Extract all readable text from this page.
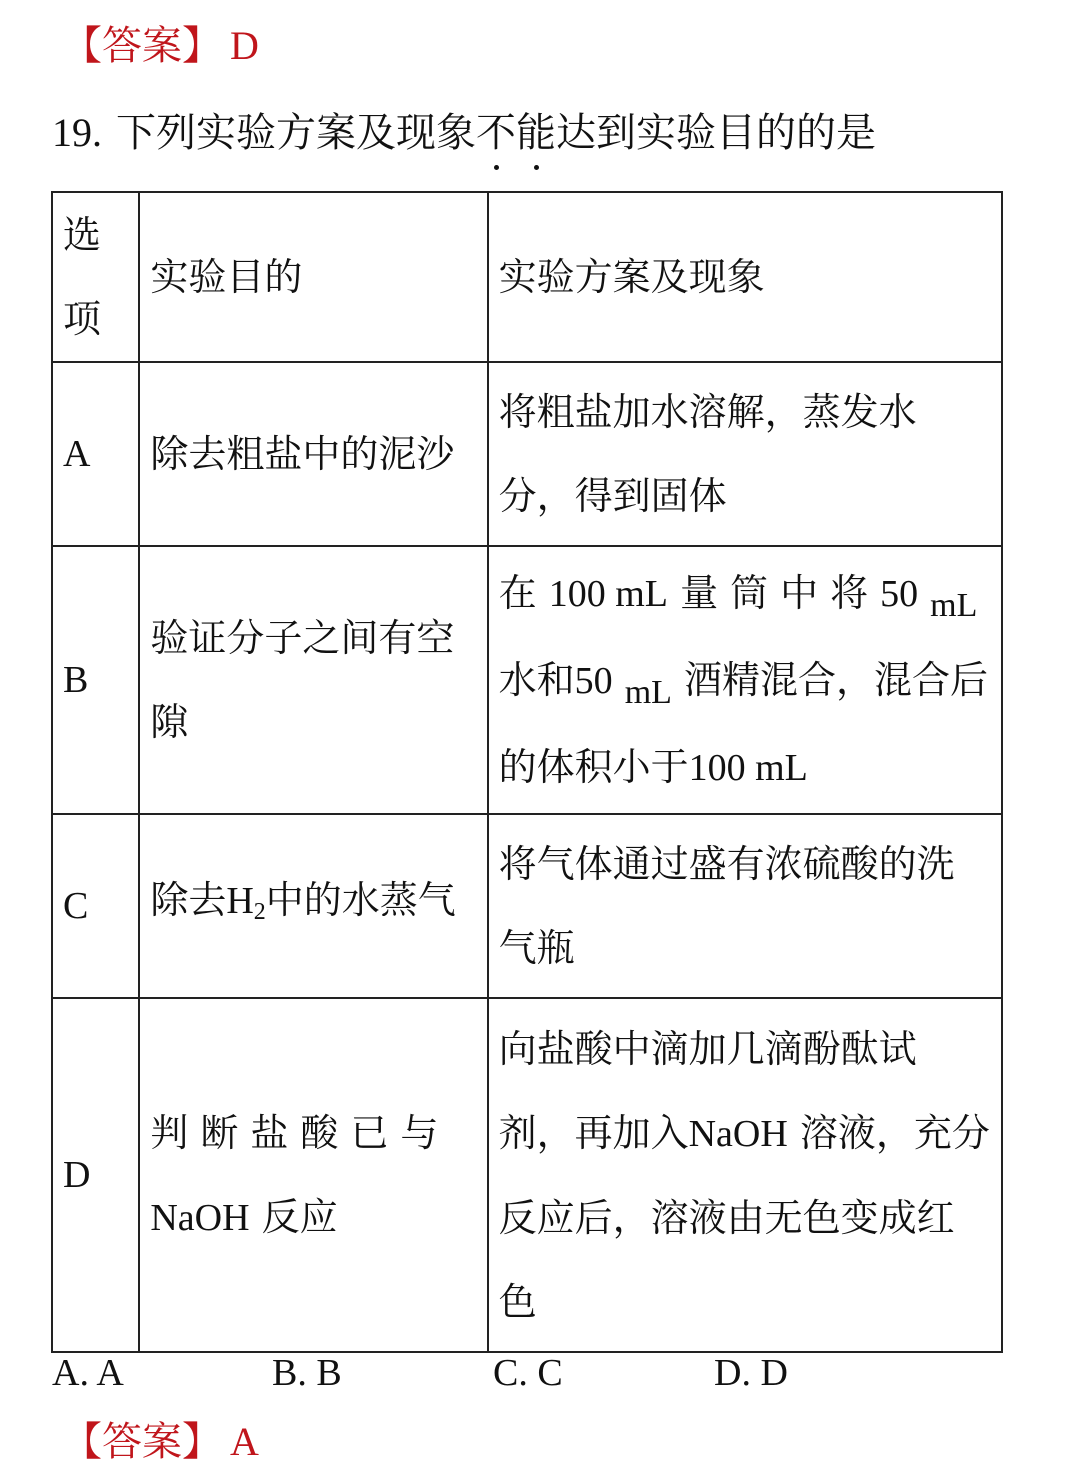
【答案】 D
19. 下列实验方案及现象不能达到实验目的的是
选项	实验目的	实验方案及现象
A	除去粗盐中的泥沙	将粗盐加水溶解，蒸发水分，得到固体
B	验证分子之间有空隙	在 100 mL 量筒中将50 mL 水和50 mL 酒精混合，混合后的体积小于100 mL
C	除去H2中的水蒸气	将气体通过盛有浓硫酸的洗气瓶
D	判断盐酸已与NaOH 反应	向盐酸中滴加几滴酚酞试剂，再加入NaOH 溶液，充分反应后，溶液由无色变成红色
A. A	B. B	C. C	D. D
【答案】 A
